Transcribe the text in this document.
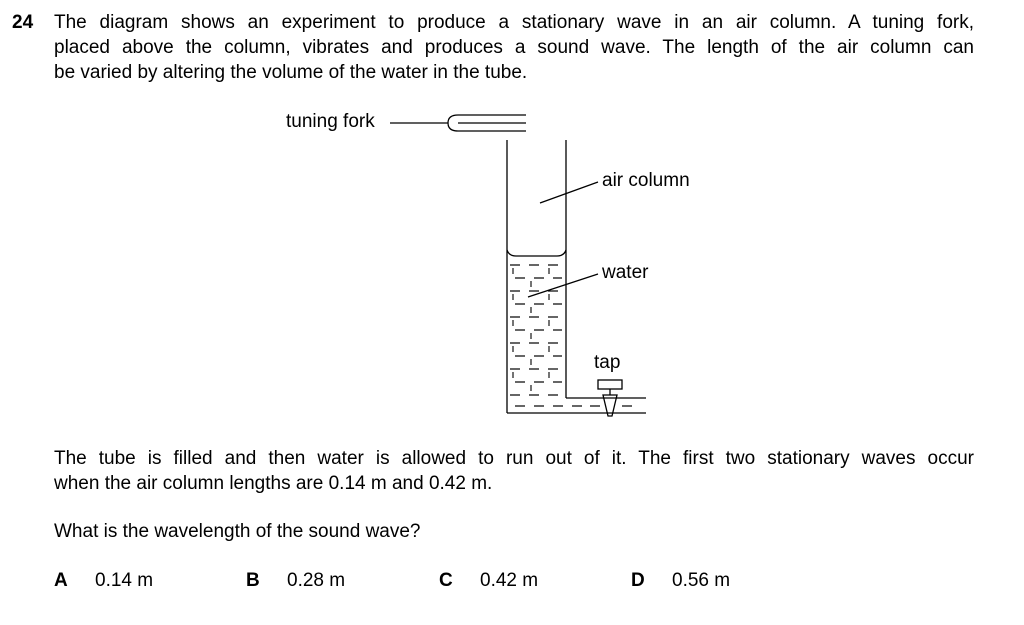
24 The diagram shows an experiment to produce a stationary wave in an air column. A tuning fork,
placed above the column, vibrates and produces a sound wave. The length of the air column can
be varied by altering the volume of the water in the tube.
tuning fork
air column
water
tap
The tube is filled and then water is allowed to run out of it. The first two stationary waves occur
when the air column lengths are 0.14 m and 0.42 m.
What is the wavelength of the sound wave?
A 0.14 m	B 0.28 m	C 0.42 m	D 0.56 m
